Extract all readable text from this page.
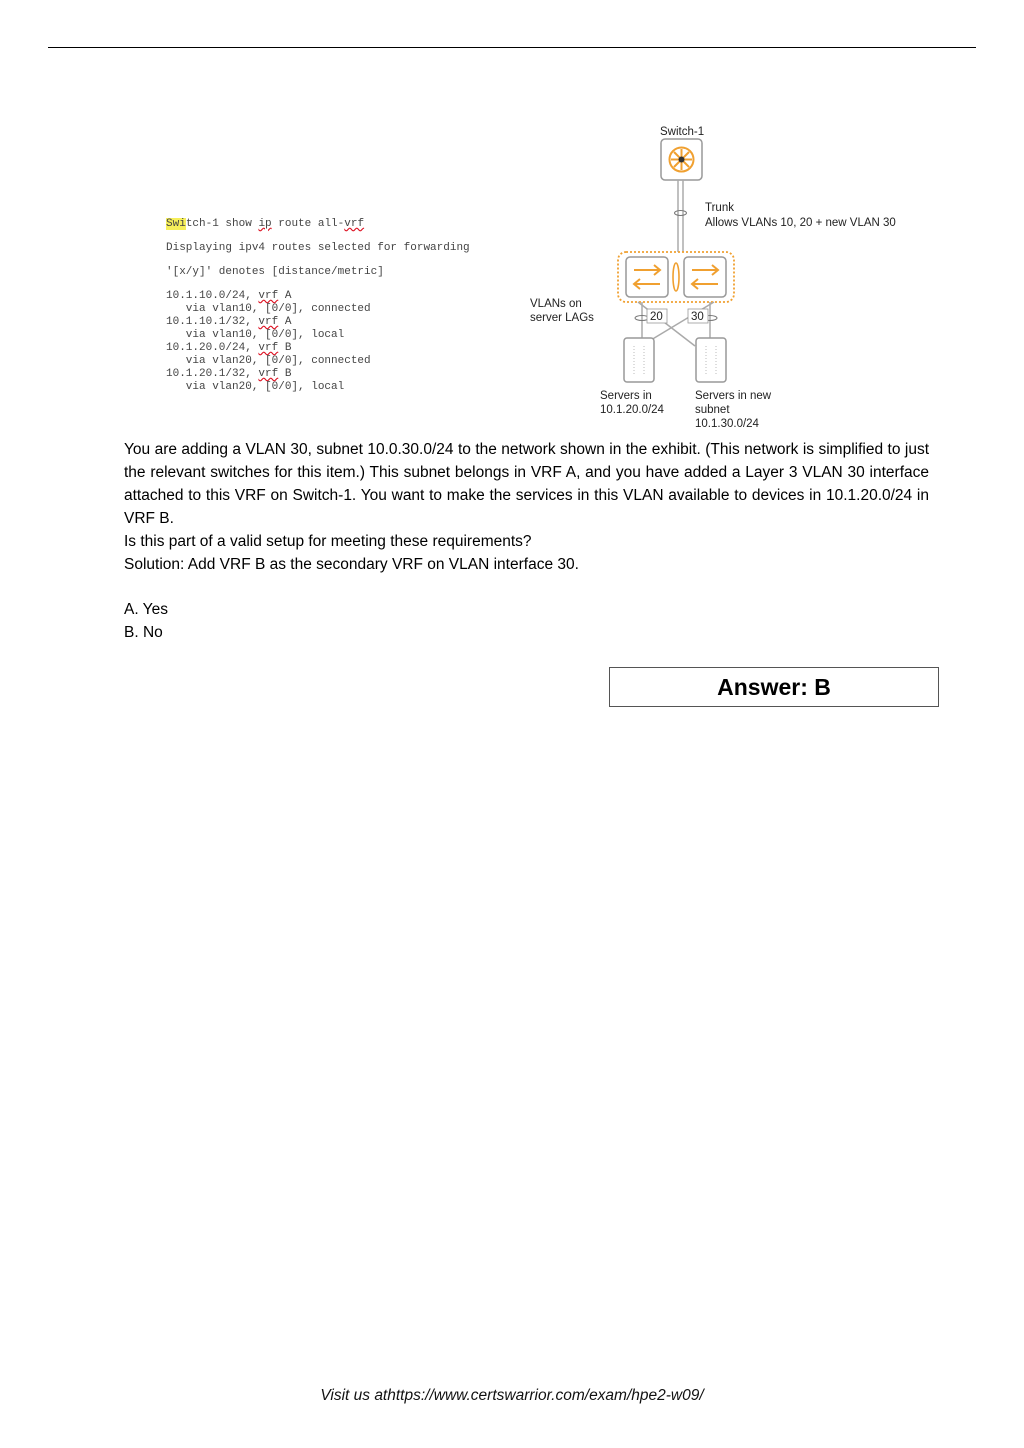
Switch-1 show ip route all-vrf

Displaying ipv4 routes selected for forwarding

'[x/y]' denotes [distance/metric]

10.1.10.0/24, vrf A
via vlan10, [0/0], connected
10.1.10.1/32, vrf A
via vlan10, [0/0], local
10.1.20.0/24, vrf B
via vlan20, [0/0], connected
10.1.20.1/32, vrf B
via vlan20, [0/0], local
Switch-1
Trunk
Allows VLANs 10, 20 + new VLAN 30
20 30
VLANs on
server LAGs
Servers in
10.1.20.0/24
Servers in new
subnet
10.1.30.0/24

You are adding a VLAN 30, subnet 10.0.30.0/24 to the network shown in the exhibit. (This network is simplified to just the relevant switches for this item.) This subnet belongs in VRF A, and you have added a Layer 3 VLAN 30 interface attached to this VRF on Switch-1. You want to make the services in this VLAN available to devices in 10.1.20.0/24 in VRF B.

Is this part of a valid setup for meeting these requirements?

Solution: Add VRF B as the secondary VRF on VLAN interface 30.

A. Yes
B. No
Answer: B
Visit us athttps://www.certswarrior.com/exam/hpe2-w09/
